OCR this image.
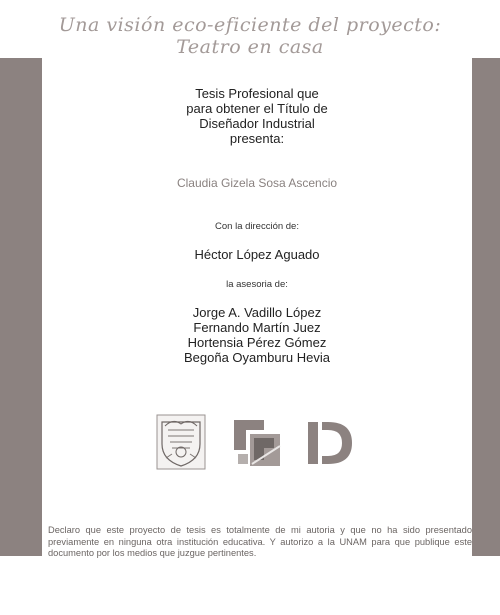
Una visión eco-eficiente del proyecto:
Teatro en casa
Tesis Profesional que
para obtener el Título de
Diseñador Industrial
presenta:
Claudia Gizela Sosa Ascencio
Con la dirección de:
Héctor López Aguado
la asesoria de:
Jorge A. Vadillo López
Fernando Martín Juez
Hortensia Pérez Gómez
Begoña Oyamburu Hevia
Declaro que este proyecto de tesis es totalmente de mi autoria y que no ha sido presentado previamente en ninguna otra institución educativa. Y autorizo a la UNAM para que publique este documento por los medios que juzgue pertinentes.
